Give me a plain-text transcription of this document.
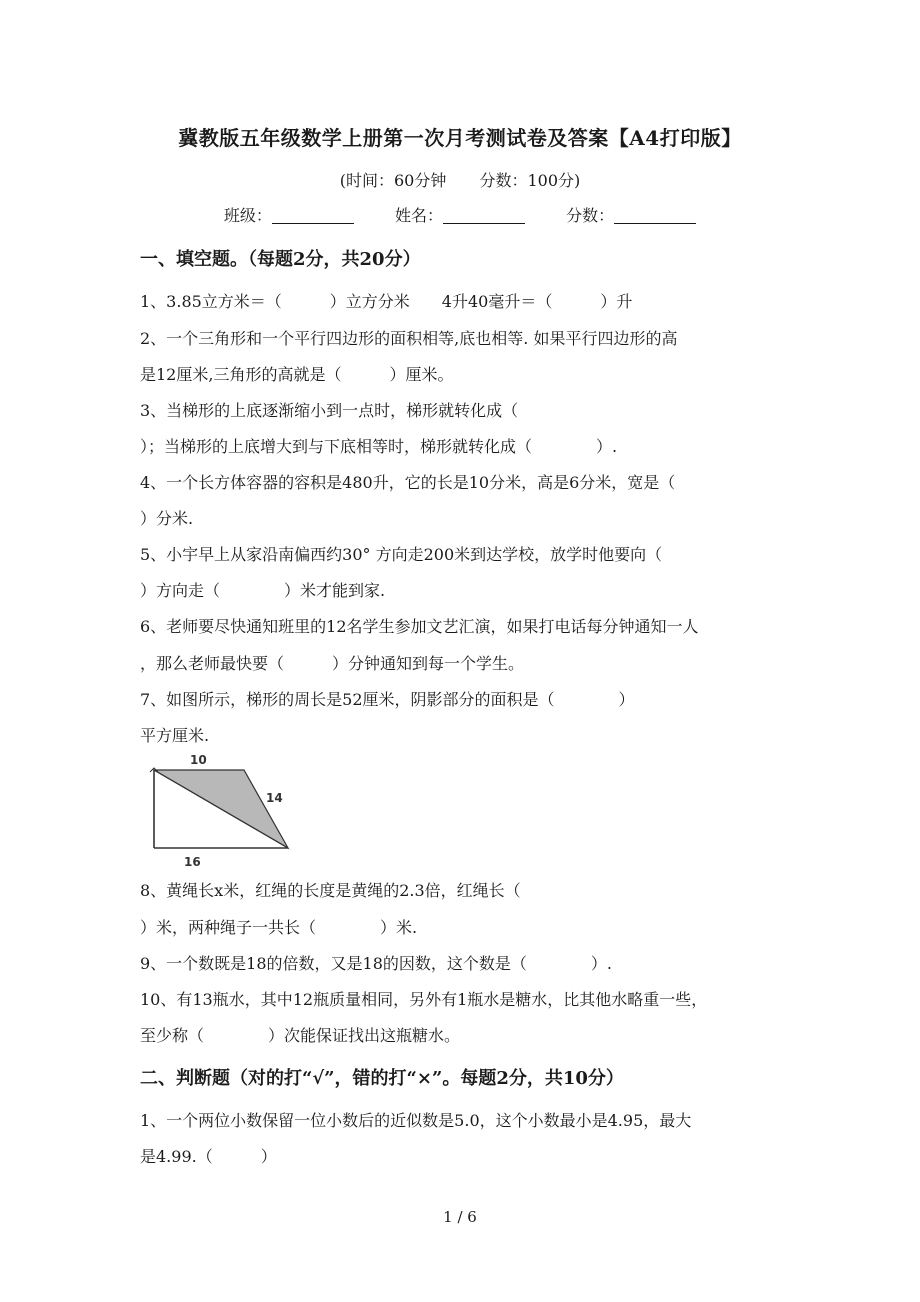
冀教版五年级数学上册第一次月考测试卷及答案【A4打印版】
(时间：60分钟 分数：100分)
班级：	姓名：	分数：
一、填空题。（每题2分，共20分）
1、3.85立方米＝（　　　）立方分米　　4升40毫升＝（　　　）升
2、一个三角形和一个平行四边形的面积相等,底也相等. 如果平行四边形的高
是12厘米,三角形的高就是（　　　）厘米。
3、当梯形的上底逐渐缩小到一点时，梯形就转化成（
）；当梯形的上底增大到与下底相等时，梯形就转化成（　　　　）.
4、一个长方体容器的容积是480升，它的长是10分米，高是6分米，宽是（
）分米.
5、小宇早上从家沿南偏西约30° 方向走200米到达学校，放学时他要向（
）方向走（　　　　）米才能到家.
6、老师要尽快通知班里的12名学生参加文艺汇演，如果打电话每分钟通知一人
，那么老师最快要（　　　）分钟通知到每一个学生。
7、如图所示，梯形的周长是52厘米，阴影部分的面积是（　　　　）
平方厘米.
10
14
16
8、黄绳长x米，红绳的长度是黄绳的2.3倍，红绳长（
）米，两种绳子一共长（　　　　）米.
9、一个数既是18的倍数，又是18的因数，这个数是（　　　　）.
10、有13瓶水，其中12瓶质量相同，另外有1瓶水是糖水，比其他水略重一些，
至少称（　　　　）次能保证找出这瓶糖水。
二、判断题（对的打“√”，错的打“×”。每题2分，共10分）
1、一个两位小数保留一位小数后的近似数是5.0，这个小数最小是4.95，最大
是4.99.（　　　）
1 / 6
